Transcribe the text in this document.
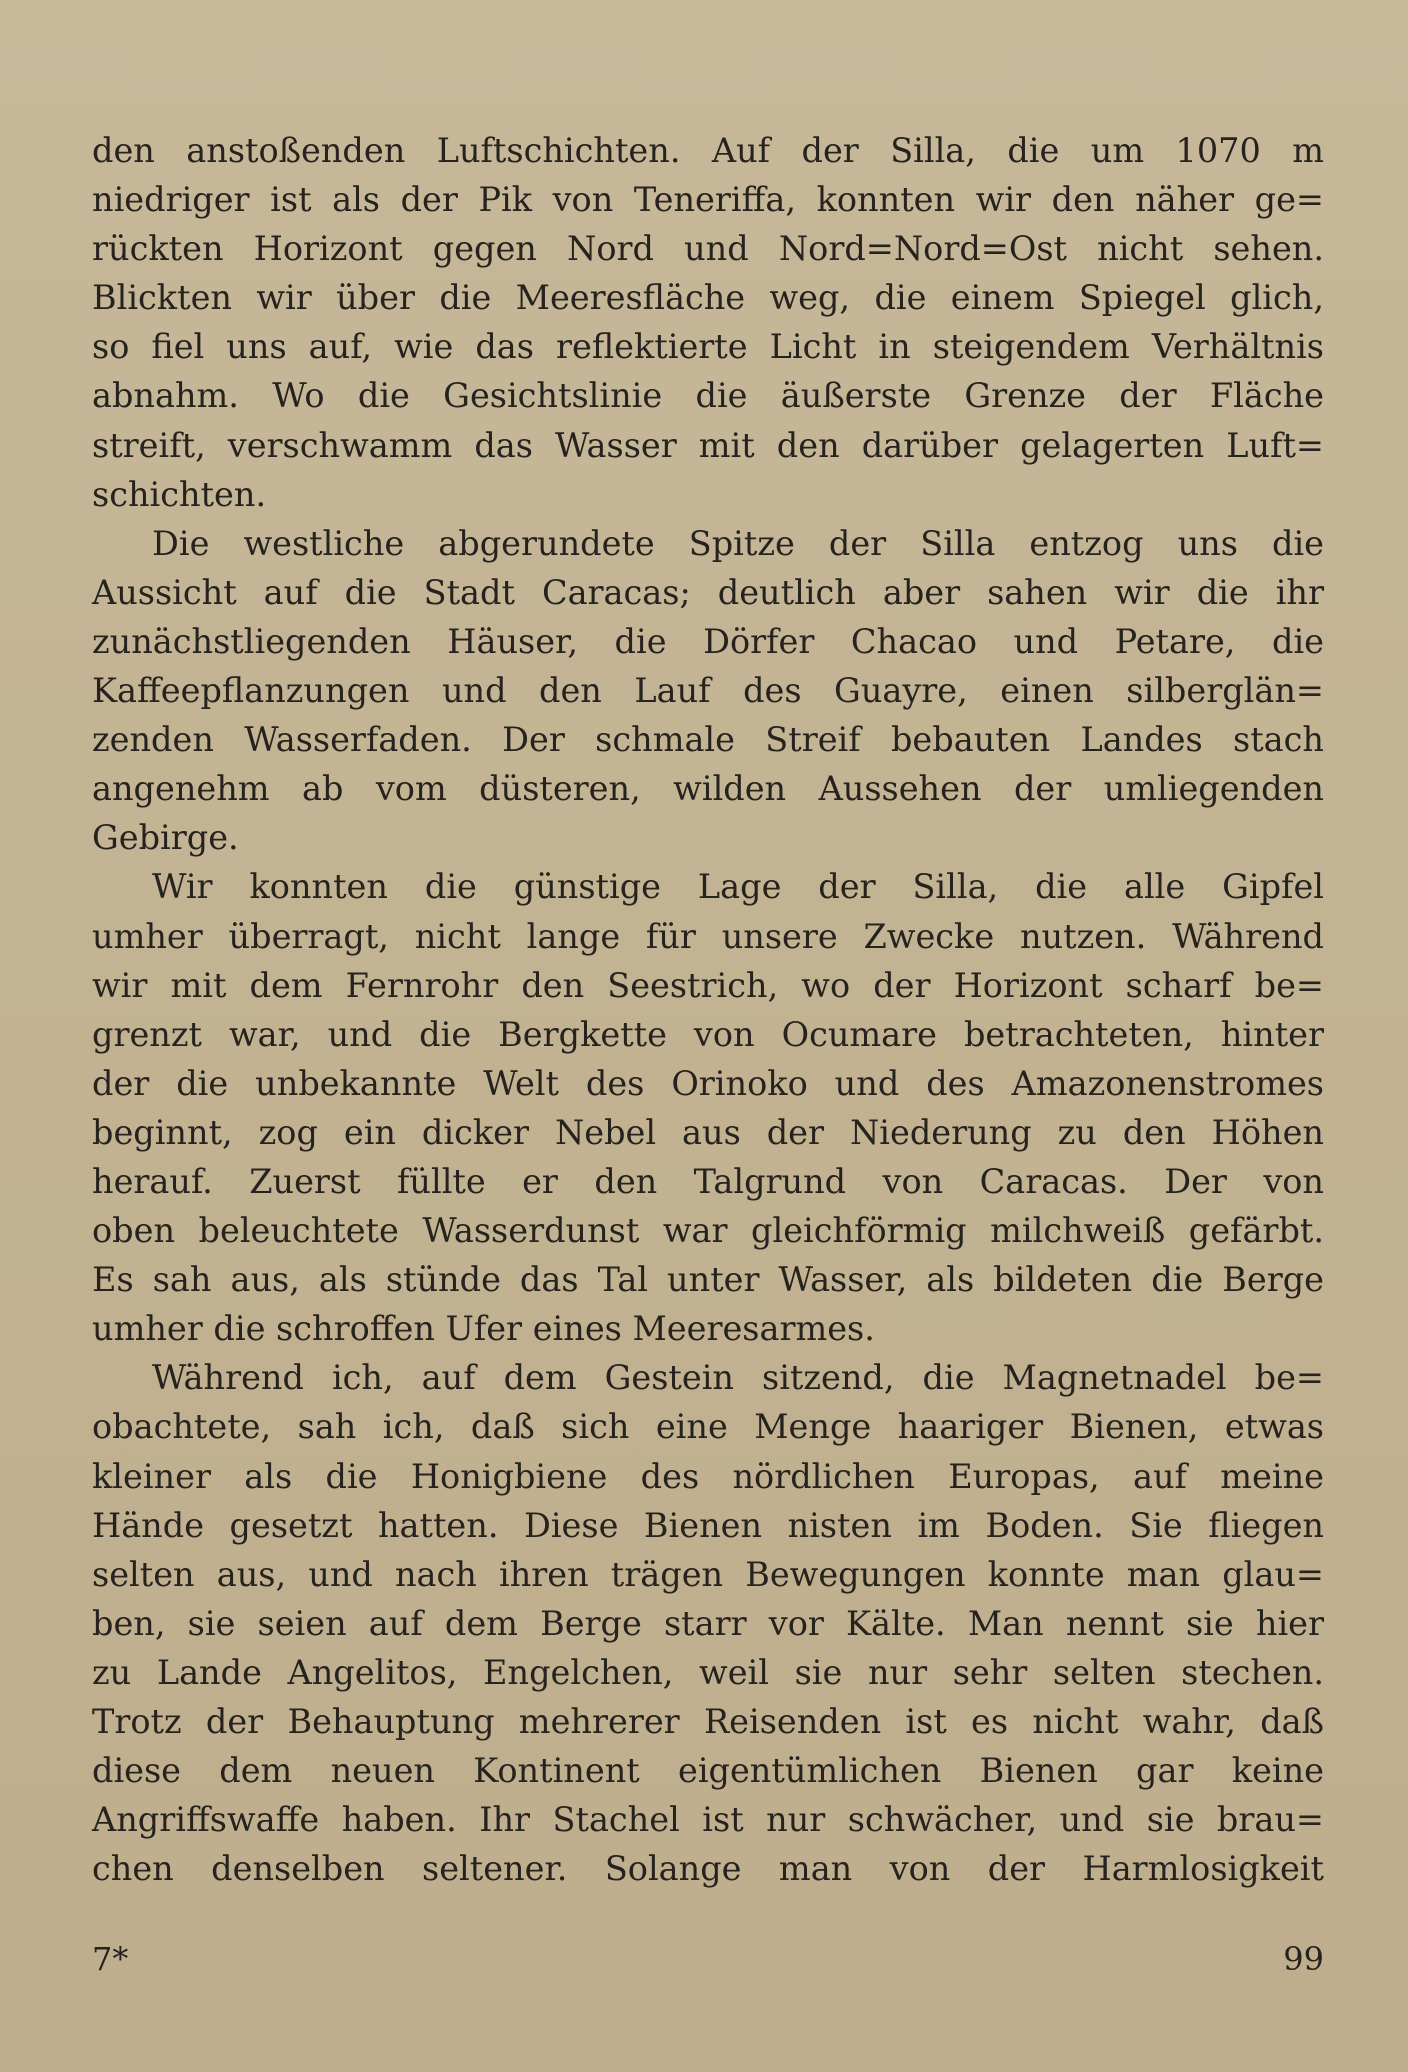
den anstoßenden Luftschichten. Auf der Silla, die um 1070 m
niedriger ist als der Pik von Teneriffa, konnten wir den näher ge=
rückten Horizont gegen Nord und Nord=Nord=Ost nicht sehen.
Blickten wir über die Meeresfläche weg, die einem Spiegel glich,
so fiel uns auf, wie das reflektierte Licht in steigendem Verhältnis
abnahm. Wo die Gesichtslinie die äußerste Grenze der Fläche
streift, verschwamm das Wasser mit den darüber gelagerten Luft=
schichten.
Die westliche abgerundete Spitze der Silla entzog uns die
Aussicht auf die Stadt Caracas; deutlich aber sahen wir die ihr
zunächstliegenden Häuser, die Dörfer Chacao und Petare, die
Kaffeepflanzungen und den Lauf des Guayre, einen silberglän=
zenden Wasserfaden. Der schmale Streif bebauten Landes stach
angenehm ab vom düsteren, wilden Aussehen der umliegenden
Gebirge.
Wir konnten die günstige Lage der Silla, die alle Gipfel
umher überragt, nicht lange für unsere Zwecke nutzen. Während
wir mit dem Fernrohr den Seestrich, wo der Horizont scharf be=
grenzt war, und die Bergkette von Ocumare betrachteten, hinter
der die unbekannte Welt des Orinoko und des Amazonenstromes
beginnt, zog ein dicker Nebel aus der Niederung zu den Höhen
herauf. Zuerst füllte er den Talgrund von Caracas. Der von
oben beleuchtete Wasserdunst war gleichförmig milchweiß gefärbt.
Es sah aus, als stünde das Tal unter Wasser, als bildeten die Berge
umher die schroffen Ufer eines Meeresarmes.
Während ich, auf dem Gestein sitzend, die Magnetnadel be=
obachtete, sah ich, daß sich eine Menge haariger Bienen, etwas
kleiner als die Honigbiene des nördlichen Europas, auf meine
Hände gesetzt hatten. Diese Bienen nisten im Boden. Sie fliegen
selten aus, und nach ihren trägen Bewegungen konnte man glau=
ben, sie seien auf dem Berge starr vor Kälte. Man nennt sie hier
zu Lande Angelitos, Engelchen, weil sie nur sehr selten stechen.
Trotz der Behauptung mehrerer Reisenden ist es nicht wahr, daß
diese dem neuen Kontinent eigentümlichen Bienen gar keine
Angriffswaffe haben. Ihr Stachel ist nur schwächer, und sie brau=
chen denselben seltener. Solange man von der Harmlosigkeit
7*	99
